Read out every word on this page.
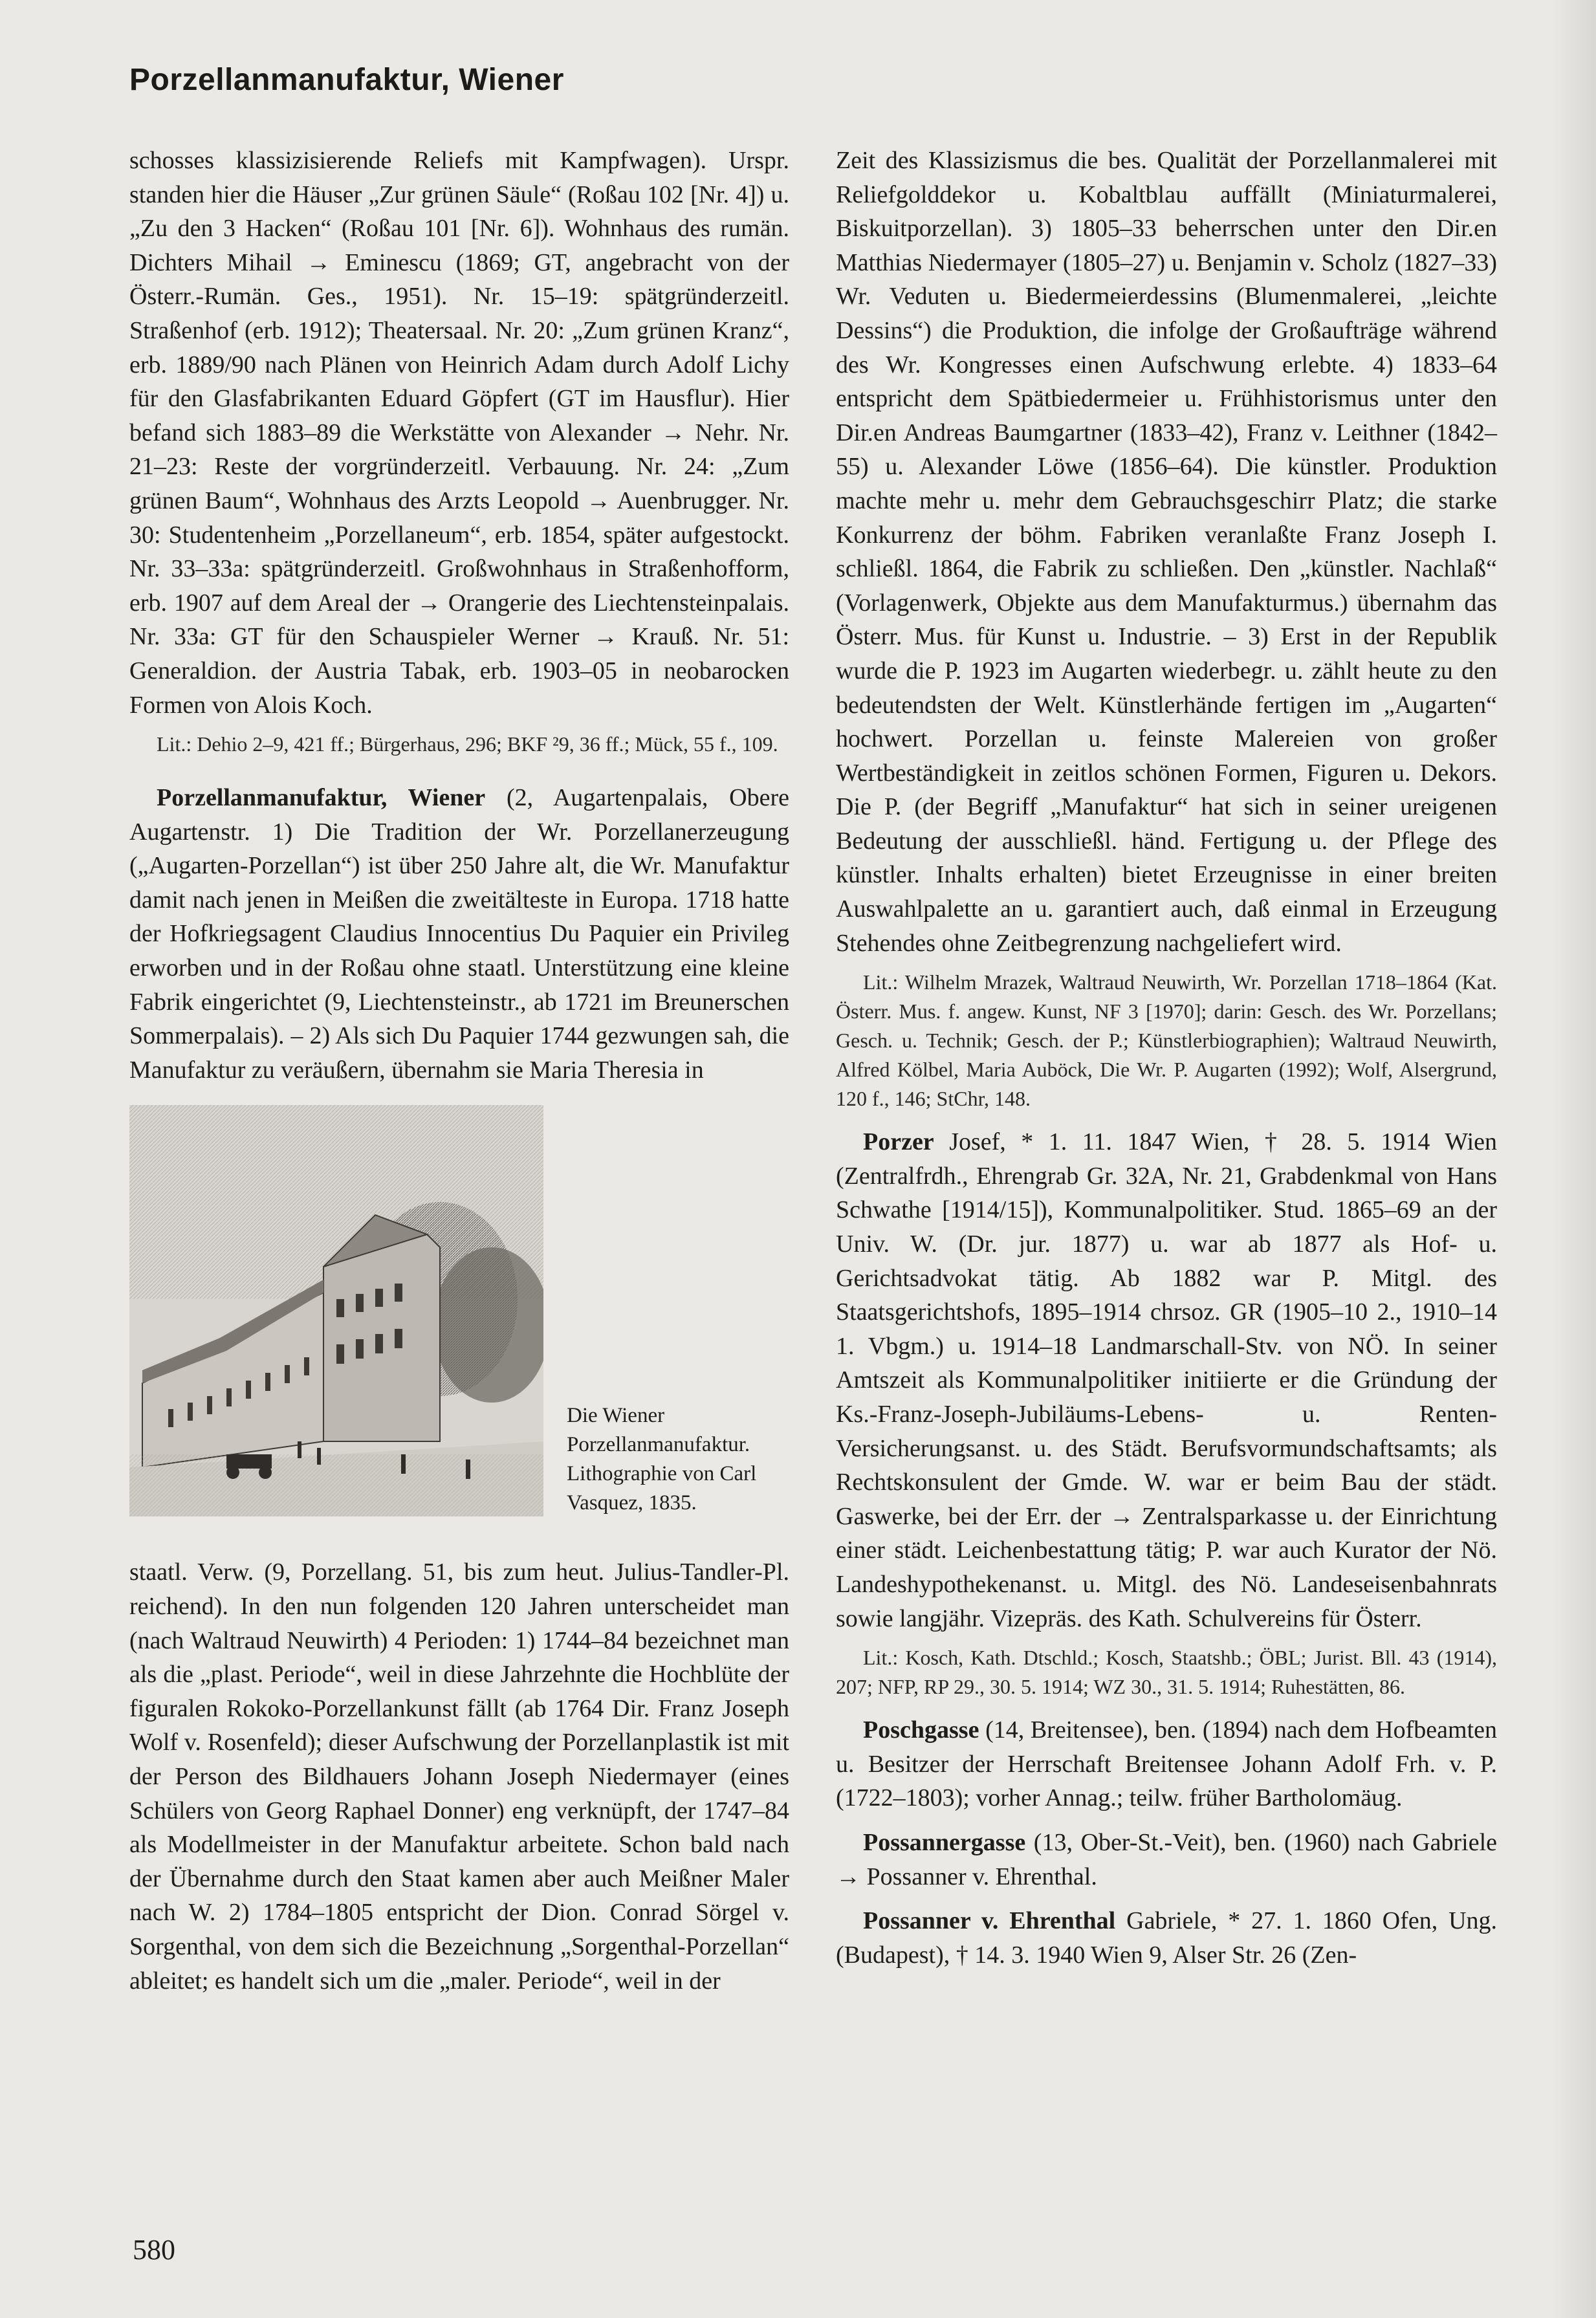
Porzellanmanufaktur, Wiener

schosses klassizisierende Reliefs mit Kampfwagen). Urspr. standen hier die Häuser „Zur grünen Säule“ (Roßau 102 [Nr. 4]) u. „Zu den 3 Hacken“ (Roßau 101 [Nr. 6]). Wohnhaus des rumän. Dichters Mihail → Eminescu (1869; GT, angebracht von der Österr.-Rumän. Ges., 1951). Nr. 15–19: spätgründerzeitl. Straßenhof (erb. 1912); Theatersaal. Nr. 20: „Zum grünen Kranz“, erb. 1889/90 nach Plänen von Heinrich Adam durch Adolf Lichy für den Glasfabrikanten Eduard Göpfert (GT im Hausflur). Hier befand sich 1883–89 die Werkstätte von Alexander → Nehr. Nr. 21–23: Reste der vorgründerzeitl. Verbauung. Nr. 24: „Zum grünen Baum“, Wohnhaus des Arzts Leopold → Auenbrugger. Nr. 30: Studentenheim „Porzellaneum“, erb. 1854, später aufgestockt. Nr. 33–33a: spätgründerzeitl. Großwohnhaus in Straßenhofform, erb. 1907 auf dem Areal der → Orangerie des Liechtensteinpalais. Nr. 33a: GT für den Schauspieler Werner → Krauß. Nr. 51: Generaldion. der Austria Tabak, erb. 1903–05 in neobarocken Formen von Alois Koch.

Lit.: Dehio 2–9, 421 ff.; Bürgerhaus, 296; BKF ²9, 36 ff.; Mück, 55 f., 109.

Porzellanmanufaktur, Wiener (2, Augartenpalais, Obere Augartenstr. 1) Die Tradition der Wr. Porzellanerzeugung („Augarten-Porzellan“) ist über 250 Jahre alt, die Wr. Manufaktur damit nach jenen in Meißen die zweitälteste in Europa. 1718 hatte der Hofkriegsagent Claudius Innocentius Du Paquier ein Privileg erworben und in der Roßau ohne staatl. Unterstützung eine kleine Fabrik eingerichtet (9, Liechtensteinstr., ab 1721 im Breunerschen Sommerpalais). – 2) Als sich Du Paquier 1744 gezwungen sah, die Manufaktur zu veräußern, übernahm sie Maria Theresia in

Die Wiener Porzellanmanufaktur. Lithographie von Carl Vasquez, 1835.

staatl. Verw. (9, Porzellang. 51, bis zum heut. Julius-Tandler-Pl. reichend). In den nun folgenden 120 Jahren unterscheidet man (nach Waltraud Neuwirth) 4 Perioden: 1) 1744–84 bezeichnet man als die „plast. Periode“, weil in diese Jahrzehnte die Hochblüte der figuralen Rokoko-Porzellankunst fällt (ab 1764 Dir. Franz Joseph Wolf v. Rosenfeld); dieser Aufschwung der Porzellanplastik ist mit der Person des Bildhauers Johann Joseph Niedermayer (eines Schülers von Georg Raphael Donner) eng verknüpft, der 1747–84 als Modellmeister in der Manufaktur arbeitete. Schon bald nach der Übernahme durch den Staat kamen aber auch Meißner Maler nach W. 2) 1784–1805 entspricht der Dion. Conrad Sörgel v. Sorgenthal, von dem sich die Bezeichnung „Sorgenthal-Porzellan“ ableitet; es handelt sich um die „maler. Periode“, weil in der

Zeit des Klassizismus die bes. Qualität der Porzellanmalerei mit Reliefgolddekor u. Kobaltblau auffällt (Miniaturmalerei, Biskuitporzellan). 3) 1805–33 beherrschen unter den Dir.en Matthias Niedermayer (1805–27) u. Benjamin v. Scholz (1827–33) Wr. Veduten u. Biedermeierdessins (Blumenmalerei, „leichte Dessins“) die Produktion, die infolge der Großaufträge während des Wr. Kongresses einen Aufschwung erlebte. 4) 1833–64 entspricht dem Spätbiedermeier u. Frühhistorismus unter den Dir.en Andreas Baumgartner (1833–42), Franz v. Leithner (1842–55) u. Alexander Löwe (1856–64). Die künstler. Produktion machte mehr u. mehr dem Gebrauchsgeschirr Platz; die starke Konkurrenz der böhm. Fabriken veranlaßte Franz Joseph I. schließl. 1864, die Fabrik zu schließen. Den „künstler. Nachlaß“ (Vorlagenwerk, Objekte aus dem Manufakturmus.) übernahm das Österr. Mus. für Kunst u. Industrie. – 3) Erst in der Republik wurde die P. 1923 im Augarten wiederbegr. u. zählt heute zu den bedeutendsten der Welt. Künstlerhände fertigen im „Augarten“ hochwert. Porzellan u. feinste Malereien von großer Wertbeständigkeit in zeitlos schönen Formen, Figuren u. Dekors. Die P. (der Begriff „Manufaktur“ hat sich in seiner ureigenen Bedeutung der ausschließl. händ. Fertigung u. der Pflege des künstler. Inhalts erhalten) bietet Erzeugnisse in einer breiten Auswahlpalette an u. garantiert auch, daß einmal in Erzeugung Stehendes ohne Zeitbegrenzung nachgeliefert wird.

Lit.: Wilhelm Mrazek, Waltraud Neuwirth, Wr. Porzellan 1718–1864 (Kat. Österr. Mus. f. angew. Kunst, NF 3 [1970]; darin: Gesch. des Wr. Porzellans; Gesch. u. Technik; Gesch. der P.; Künstlerbiographien); Waltraud Neuwirth, Alfred Kölbel, Maria Auböck, Die Wr. P. Augarten (1992); Wolf, Alsergrund, 120 f., 146; StChr, 148.

Porzer Josef, * 1. 11. 1847 Wien, † 28. 5. 1914 Wien (Zentralfrdh., Ehrengrab Gr. 32A, Nr. 21, Grabdenkmal von Hans Schwathe [1914/15]), Kommunalpolitiker. Stud. 1865–69 an der Univ. W. (Dr. jur. 1877) u. war ab 1877 als Hof- u. Gerichtsadvokat tätig. Ab 1882 war P. Mitgl. des Staatsgerichtshofs, 1895–1914 chrsoz. GR (1905–10 2., 1910–14 1. Vbgm.) u. 1914–18 Landmarschall-Stv. von NÖ. In seiner Amtszeit als Kommunalpolitiker initiierte er die Gründung der Ks.-Franz-Joseph-Jubiläums-Lebens- u. Renten-Versicherungsanst. u. des Städt. Berufsvormundschaftsamts; als Rechtskonsulent der Gmde. W. war er beim Bau der städt. Gaswerke, bei der Err. der → Zentralsparkasse u. der Einrichtung einer städt. Leichenbestattung tätig; P. war auch Kurator der Nö. Landeshypothekenanst. u. Mitgl. des Nö. Landeseisenbahnrats sowie langjähr. Vizepräs. des Kath. Schulvereins für Österr.

Lit.: Kosch, Kath. Dtschld.; Kosch, Staatshb.; ÖBL; Jurist. Bll. 43 (1914), 207; NFP, RP 29., 30. 5. 1914; WZ 30., 31. 5. 1914; Ruhestätten, 86.

Poschgasse (14, Breitensee), ben. (1894) nach dem Hofbeamten u. Besitzer der Herrschaft Breitensee Johann Adolf Frh. v. P. (1722–1803); vorher Annag.; teilw. früher Bartholomäug.

Possannergasse (13, Ober-St.-Veit), ben. (1960) nach Gabriele → Possanner v. Ehrenthal.

Possanner v. Ehrenthal Gabriele, * 27. 1. 1860 Ofen, Ung. (Budapest), † 14. 3. 1940 Wien 9, Alser Str. 26 (Zen-

580
